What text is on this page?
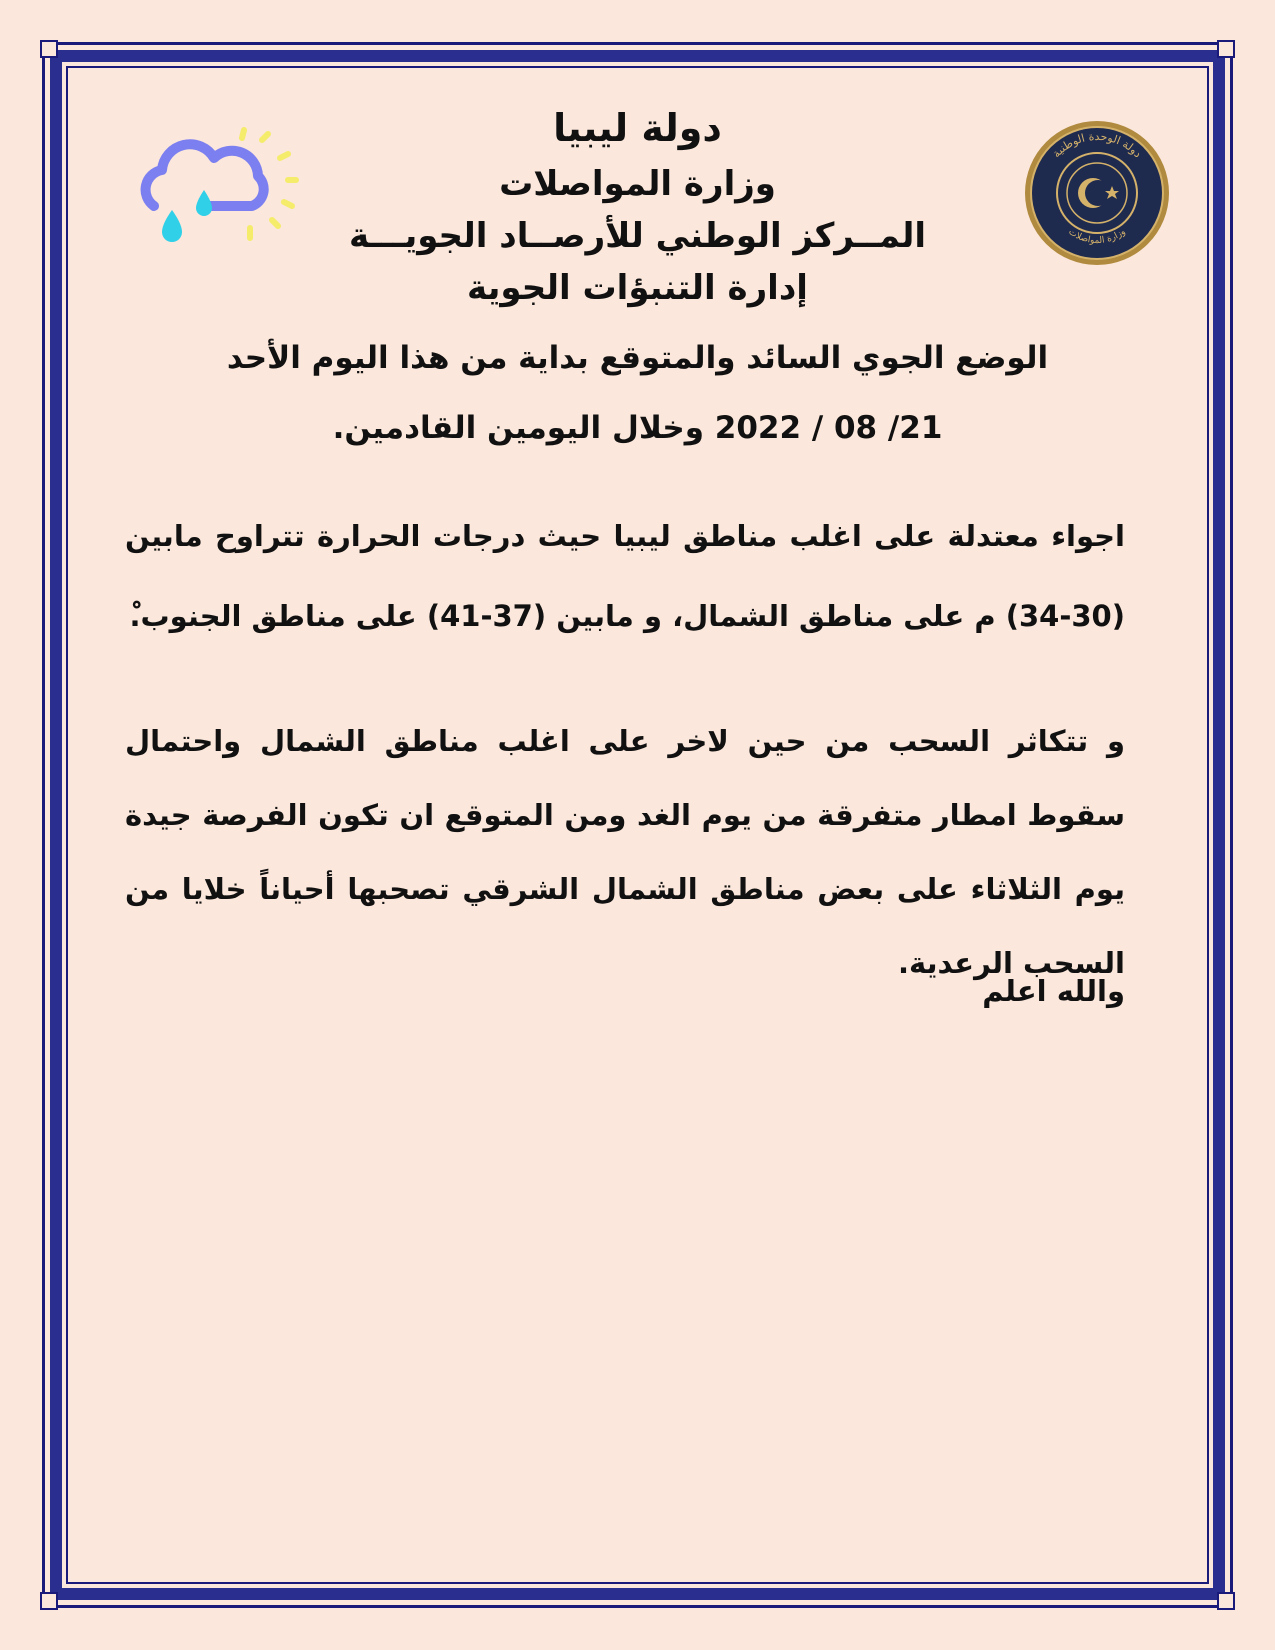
دولة ليبيا
وزارة المواصلات
المــركز الوطني للأرصــاد الجويـــة
إدارة التنبؤات الجوية
الوضع الجوي السائد والمتوقع بداية من هذا اليوم الأحد
21/ 08 / 2022 وخلال اليومين القادمين.
اجواء معتدلة على اغلب مناطق ليبيا حيث درجات الحرارة تتراوح مابين (30-34) م على مناطق الشمال، و مابين (37-41) على مناطق الجنوب.ْ
و تتكاثر السحب من حين لاخر على اغلب مناطق الشمال واحتمال سقوط امطار متفرقة من يوم الغد ومن المتوقع ان تكون الفرصة جيدة يوم الثلاثاء على بعض مناطق الشمال الشرقي تصحبها أحياناً خلايا من السحب الرعدية.
والله اعلم
دولة الوحدة الوطنية
وزارة المواصلات
